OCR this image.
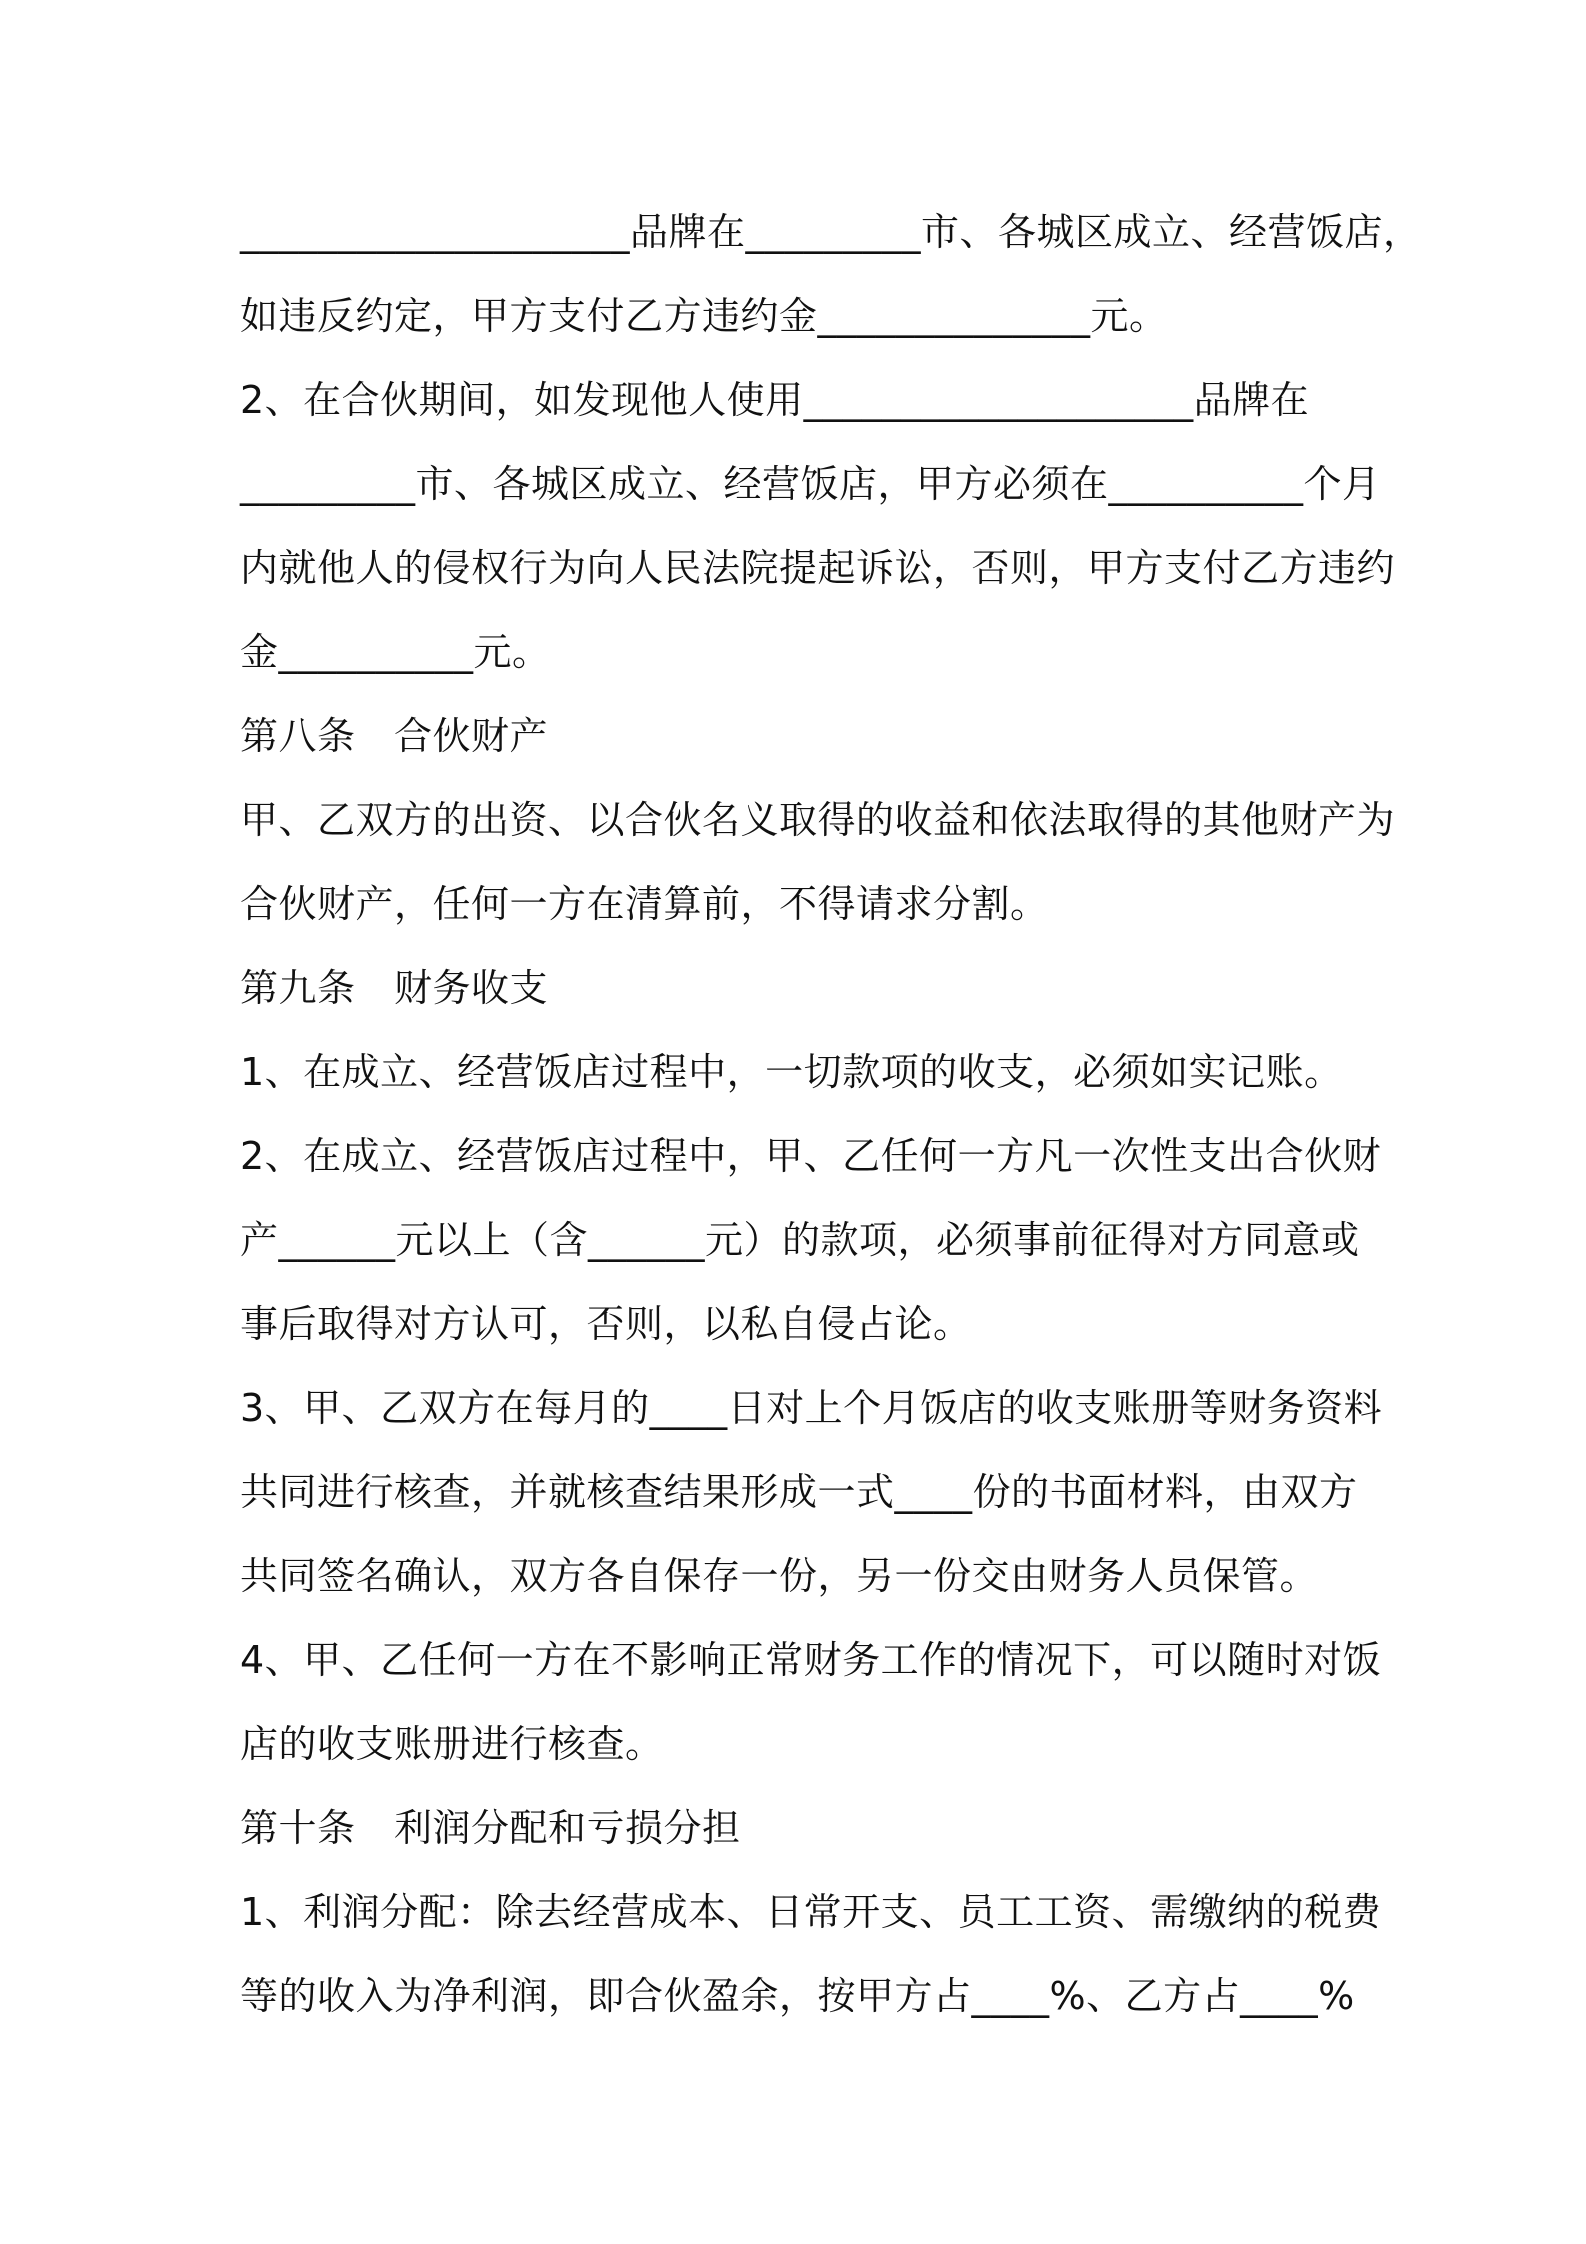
____________________品牌在_________市、各城区成立、经营饭店，
如违反约定，甲方支付乙方违约金______________元。
2、在合伙期间，如发现他人使用____________________品牌在
_________市、各城区成立、经营饭店，甲方必须在__________个月
内就他人的侵权行为向人民法院提起诉讼，否则，甲方支付乙方违约
金__________元。
第八条　合伙财产
甲、乙双方的出资、以合伙名义取得的收益和依法取得的其他财产为
合伙财产，任何一方在清算前，不得请求分割。
第九条　财务收支
1、在成立、经营饭店过程中，一切款项的收支，必须如实记账。
2、在成立、经营饭店过程中，甲、乙任何一方凡一次性支出合伙财
产______元以上（含______元）的款项，必须事前征得对方同意或
事后取得对方认可，否则，以私自侵占论。
3、甲、乙双方在每月的____日对上个月饭店的收支账册等财务资料
共同进行核查，并就核查结果形成一式____份的书面材料，由双方
共同签名确认，双方各自保存一份，另一份交由财务人员保管。
4、甲、乙任何一方在不影响正常财务工作的情况下，可以随时对饭
店的收支账册进行核查。
第十条　利润分配和亏损分担
1、利润分配：除去经营成本、日常开支、员工工资、需缴纳的税费
等的收入为净利润，即合伙盈余，按甲方占____%、乙方占____%
